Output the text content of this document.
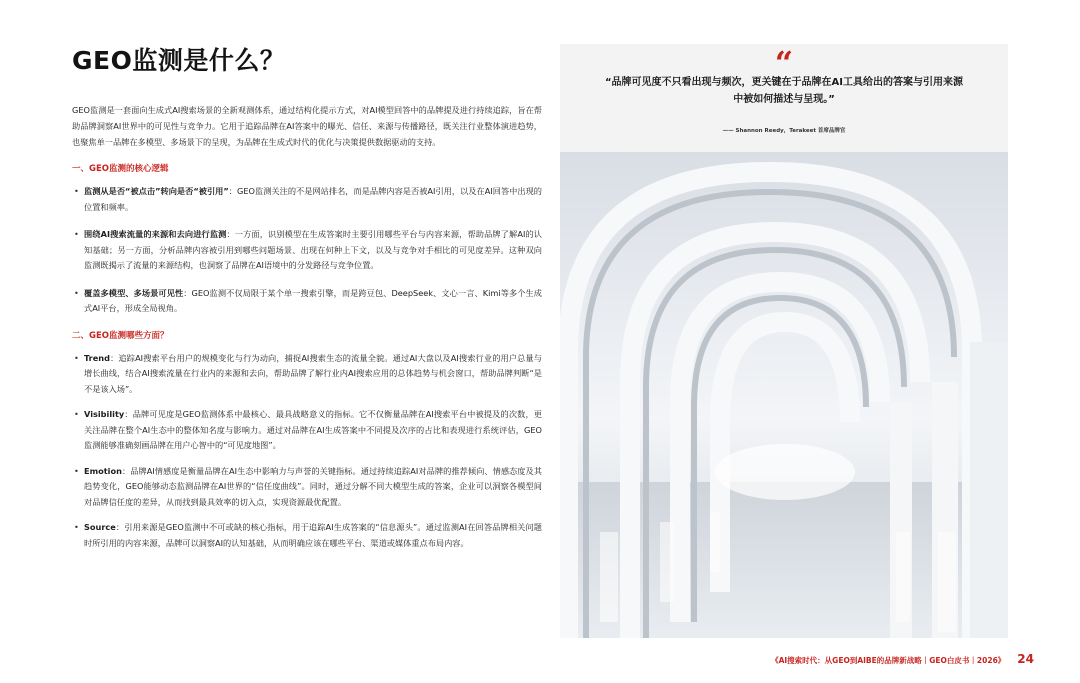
GEO监测是什么？

GEO监测是一套面向生成式AI搜索场景的全新观测体系，通过结构化提示方式，对AI模型回答中的品牌提及进行持续追踪，旨在帮助品牌洞察AI世界中的可见性与竞争力。它用于追踪品牌在AI答案中的曝光、信任、来源与传播路径，既关注行业整体演进趋势，也聚焦单一品牌在多模型、多场景下的呈现，为品牌在生成式时代的优化与决策提供数据驱动的支持。

一、GEO监测的核心逻辑
• 监测从是否“被点击”转向是否“被引用”：GEO监测关注的不是网站排名，而是品牌内容是否被AI引用，以及在AI回答中出现的位置和频率。
• 围绕AI搜索流量的来源和去向进行监测：一方面，识别模型在生成答案时主要引用哪些平台与内容来源，帮助品牌了解AI的认知基础；另一方面，分析品牌内容被引用到哪些问题场景、出现在何种上下文，以及与竞争对手相比的可见度差异。这种双向监测既揭示了流量的来源结构，也洞察了品牌在AI语境中的分发路径与竞争位置。
• 覆盖多模型、多场景可见性：GEO监测不仅局限于某个单一搜索引擎，而是跨豆包、DeepSeek、文心一言、Kimi等多个生成式AI平台，形成全局视角。
二、GEO监测哪些方面？
• Trend：追踪AI搜索平台用户的规模变化与行为动向，捕捉AI搜索生态的流量全貌。通过AI大盘以及AI搜索行业的用户总量与增长曲线，结合AI搜索流量在行业内的来源和去向，帮助品牌了解行业内AI搜索应用的总体趋势与机会窗口，帮助品牌判断“是不是该入场”。
• Visibility：品牌可见度是GEO监测体系中最核心、最具战略意义的指标。它不仅衡量品牌在AI搜索平台中被提及的次数，更关注品牌在整个AI生态中的整体知名度与影响力。通过对品牌在AI生成答案中不同提及次序的占比和表现进行系统评估，GEO监测能够准确刻画品牌在用户心智中的“可见度地图”。
• Emotion：品牌AI情感度是衡量品牌在AI生态中影响力与声誉的关键指标。通过持续追踪AI对品牌的推荐倾向、情感态度及其趋势变化，GEO能够动态监测品牌在AI世界的“信任度曲线”。同时，通过分解不同大模型生成的答案，企业可以洞察各模型间对品牌信任度的差异，从而找到最具效率的切入点，实现资源最优配置。
• Source：引用来源是GEO监测中不可或缺的核心指标，用于追踪AI生成答案的“信息源头”。通过监测AI在回答品牌相关问题时所引用的内容来源，品牌可以洞察AI的认知基础，从而明确应该在哪些平台、渠道或媒体重点布局内容。
“

“品牌可见度不只看出现与频次，更关键在于品牌在AI工具给出的答案与引用来源中被如何描述与呈现。”

—— Shannon Reedy，Terakeet 首席品牌官

《AI搜索时代：从GEO到AIBE的品牌新战略｜GEO白皮书｜2026》 24
